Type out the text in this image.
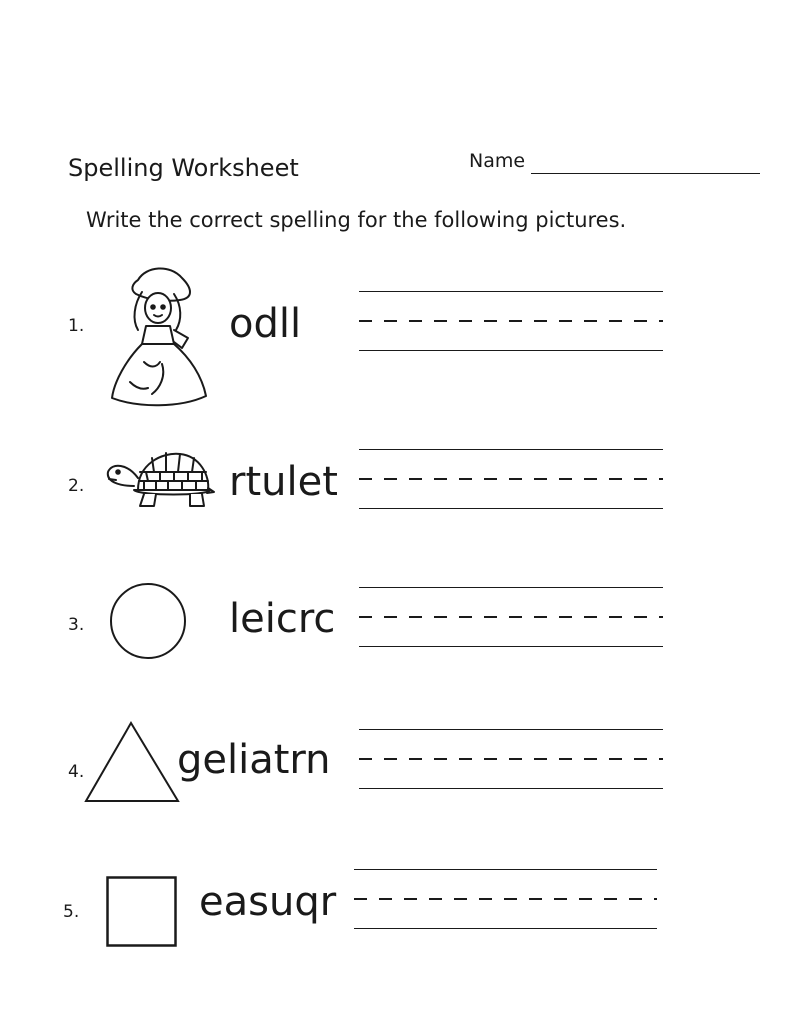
Spelling Worksheet	Name
Write the correct spelling for the following pictures.
1.	odll
2.	rtulet
3.	leicrc
4. geliatrn
5.	easuqr
